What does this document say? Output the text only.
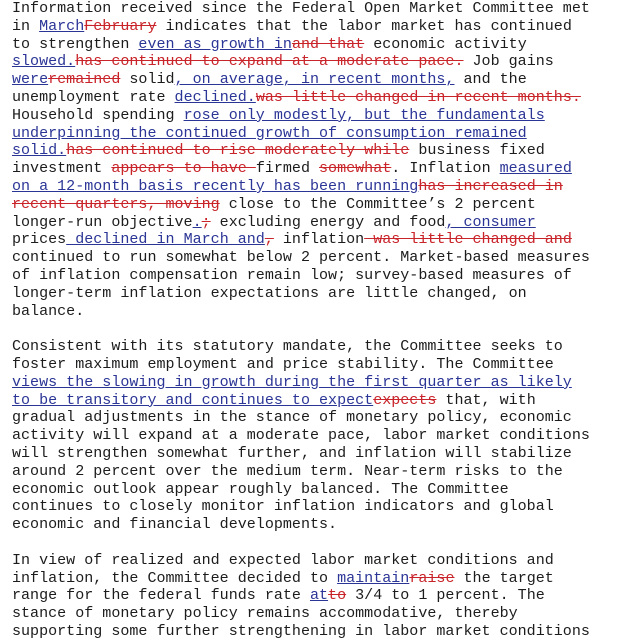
Information received since the Federal Open Market Committee met
in MarchFebruary indicates that the labor market has continued
to strengthen even as growth inand that economic activity
slowed.has continued to expand at a moderate pace. Job gains
wereremained solid, on average, in recent months, and the
unemployment rate declined.was little changed in recent months.
Household spending rose only modestly, but the fundamentals
underpinning the continued growth of consumption remained
solid.has continued to rise moderately while business fixed
investment appears to have firmed somewhat. Inflation measured
on a 12-month basis recently has been runninghas increased in
recent quarters, moving close to the Committee’s 2 percent
longer-run objective.; excluding energy and food, consumer
prices declined in March and, inflation was little changed and
continued to run somewhat below 2 percent. Market-based measures
of inflation compensation remain low; survey-based measures of
longer-term inflation expectations are little changed, on
balance.
Consistent with its statutory mandate, the Committee seeks to
foster maximum employment and price stability. The Committee
views the slowing in growth during the first quarter as likely
to be transitory and continues to expectexpects that, with
gradual adjustments in the stance of monetary policy, economic
activity will expand at a moderate pace, labor market conditions
will strengthen somewhat further, and inflation will stabilize
around 2 percent over the medium term. Near-term risks to the
economic outlook appear roughly balanced. The Committee
continues to closely monitor inflation indicators and global
economic and financial developments.
In view of realized and expected labor market conditions and
inflation, the Committee decided to maintainraise the target
range for the federal funds rate atto 3/4 to 1 percent. The
stance of monetary policy remains accommodative, thereby
supporting some further strengthening in labor market conditions
